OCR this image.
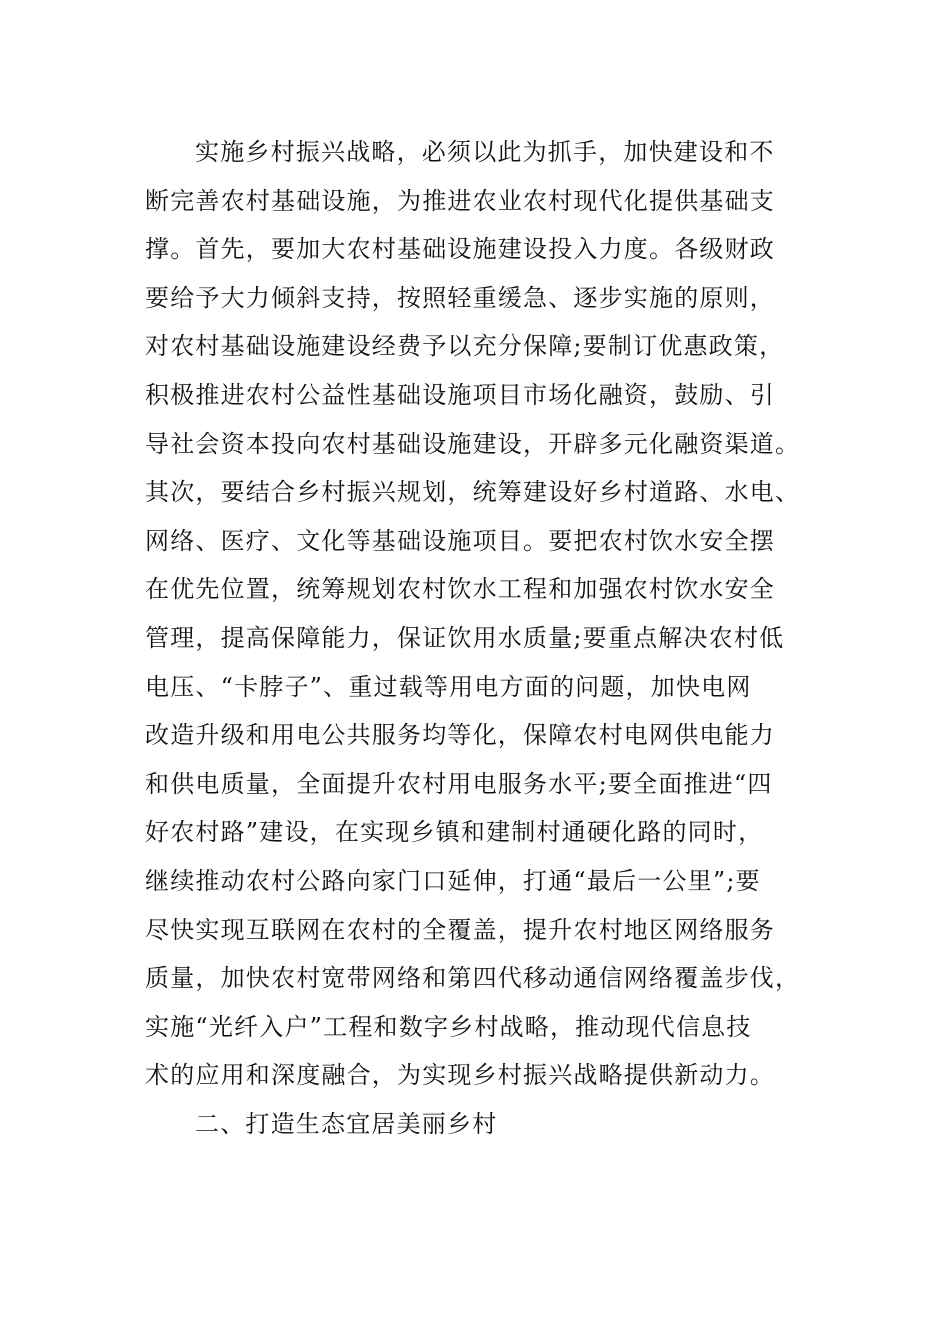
实施乡村振兴战略，必须以此为抓手，加快建设和不
断完善农村基础设施，为推进农业农村现代化提供基础支
撑。首先，要加大农村基础设施建设投入力度。各级财政
要给予大力倾斜支持，按照轻重缓急、逐步实施的原则，
对农村基础设施建设经费予以充分保障;要制订优惠政策，
积极推进农村公益性基础设施项目市场化融资，鼓励、引
导社会资本投向农村基础设施建设，开辟多元化融资渠道。
其次，要结合乡村振兴规划，统筹建设好乡村道路、水电、
网络、医疗、文化等基础设施项目。要把农村饮水安全摆
在优先位置，统筹规划农村饮水工程和加强农村饮水安全
管理，提高保障能力，保证饮用水质量;要重点解决农村低
电压、“卡脖子”、重过载等用电方面的问题，加快电网
改造升级和用电公共服务均等化，保障农村电网供电能力
和供电质量，全面提升农村用电服务水平;要全面推进“四
好农村路”建设，在实现乡镇和建制村通硬化路的同时，
继续推动农村公路向家门口延伸，打通“最后一公里”;要
尽快实现互联网在农村的全覆盖，提升农村地区网络服务
质量，加快农村宽带网络和第四代移动通信网络覆盖步伐，
实施“光纤入户”工程和数字乡村战略，推动现代信息技
术的应用和深度融合，为实现乡村振兴战略提供新动力。
二、打造生态宜居美丽乡村
